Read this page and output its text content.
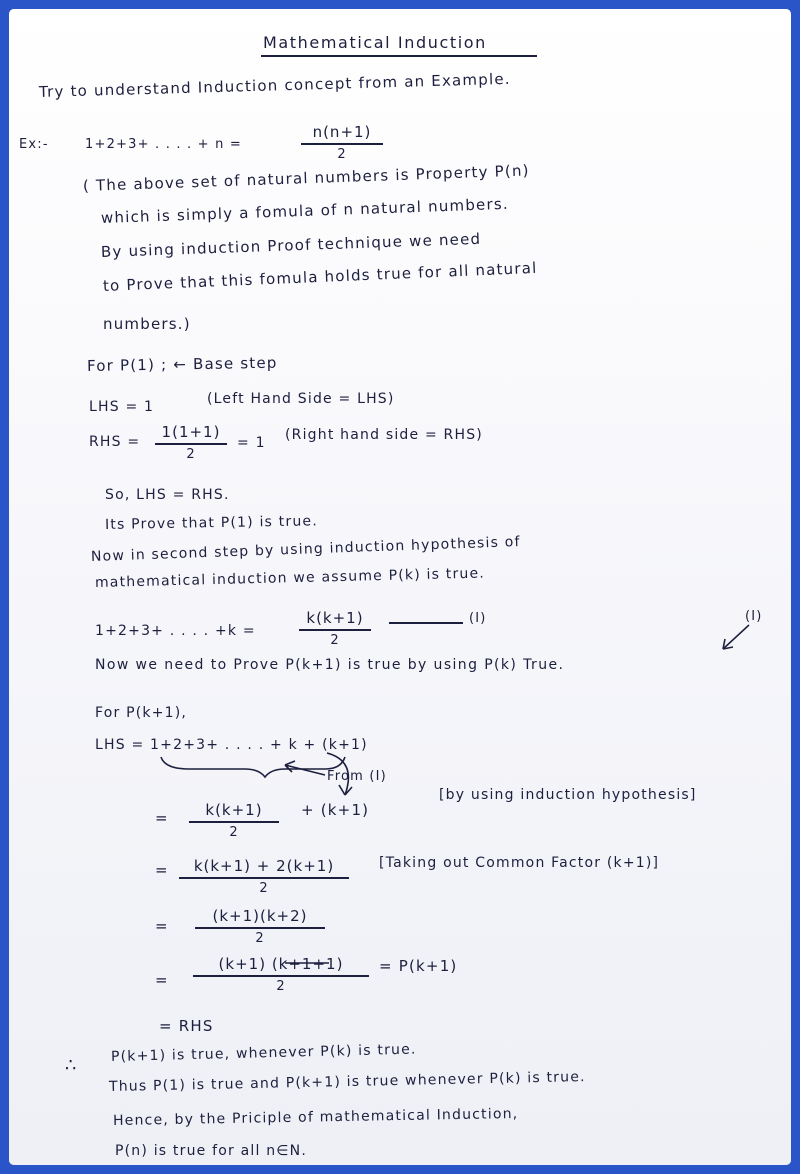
Mathematical Induction
Try to understand Induction concept from an Example.
Ex:-	1+2+3+ . . . . + n =	$\frac{n(n+1)}{2}$
( The above set of natural numbers is Property P(n)
which is simply a fomula of n natural numbers.
By using induction Proof technique we need
to Prove that this fomula holds true for all natural
numbers.)
For P(1) ; ← Base step
LHS = 1	(Left Hand Side = LHS)
RHS = $\frac{1(1+1)}{2} = 1$ (Right hand side = RHS)
So, LHS = RHS.
Its Prove that P(1) is true.
Now in second step by using induction hypothesis of
mathematical induction we assume P(k) is true.
1+2+3+ . . . . +k =	$\frac{k(k+1)}{2}$	(I)	(I)
Now we need to Prove P(k+1) is true by using P(k) True.
For P(k+1),
LHS = 1+2+3+ . . . . + k + (k+1)
From (I)
= $\frac{k(k+1)}{2} + (k+1)$
[by using induction hypothesis]
= $\frac{k(k+1) + 2(k+1)}{2}$ [Taking out Common Factor (k+1)]
= $\frac{(k+1)(k+2)}{2}$
= $\frac{(k+1) (k+1+1)}{2} = P(k+1)$
= RHS
∴
P(k+1) is true, whenever P(k) is true.
Thus P(1) is true and P(k+1) is true whenever P(k) is true.
Hence, by the Priciple of mathematical Induction,
P(n) is true for all n∈N.
